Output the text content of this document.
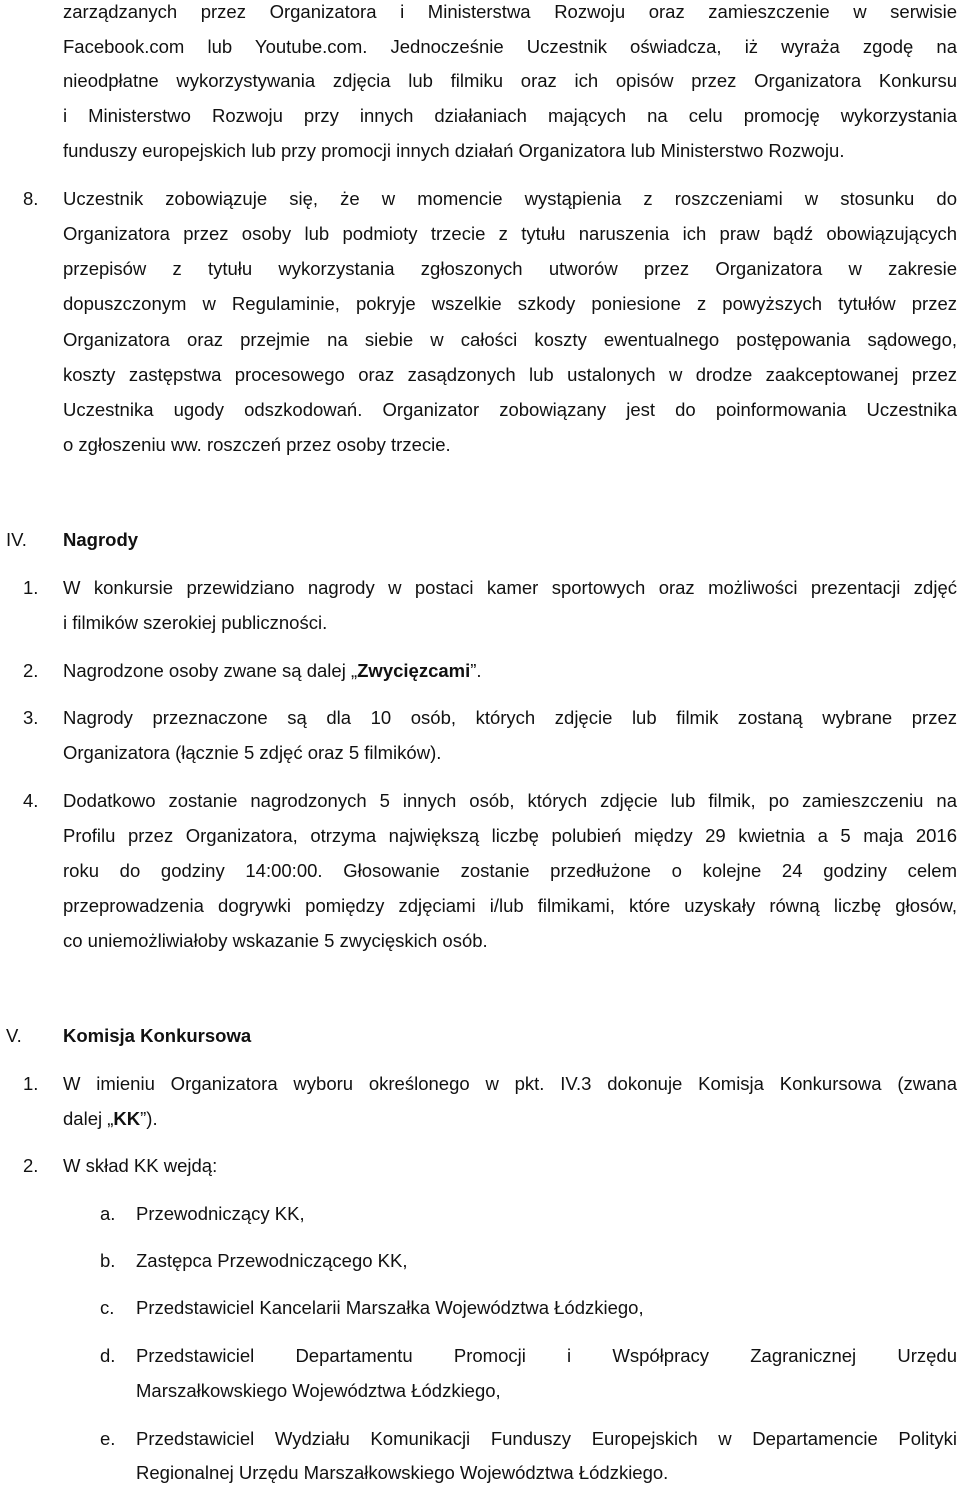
zarządzanych przez Organizatora i Ministerstwa Rozwoju oraz zamieszczenie w serwisie
Facebook.com lub Youtube.com. Jednocześnie Uczestnik oświadcza, iż wyraża zgodę na
nieodpłatne wykorzystywania zdjęcia lub filmiku oraz ich opisów przez Organizatora Konkursu
i Ministerstwo Rozwoju przy innych działaniach mających na celu promocję wykorzystania
funduszy europejskich lub przy promocji innych działań Organizatora lub Ministerstwo Rozwoju.
8.	Uczestnik zobowiązuje się, że w momencie wystąpienia z roszczeniami w stosunku do
Organizatora przez osoby lub podmioty trzecie z tytułu naruszenia ich praw bądź obowiązujących
przepisów z tytułu wykorzystania zgłoszonych utworów przez Organizatora w zakresie
dopuszczonym w Regulaminie, pokryje wszelkie szkody poniesione z powyższych tytułów przez
Organizatora oraz przejmie na siebie w całości koszty ewentualnego postępowania sądowego,
koszty zastępstwa procesowego oraz zasądzonych lub ustalonych w drodze zaakceptowanej przez
Uczestnika ugody odszkodowań. Organizator zobowiązany jest do poinformowania Uczestnika
o zgłoszeniu ww. roszczeń przez osoby trzecie.
IV. Nagrody
1.	W konkursie przewidziano nagrody w postaci kamer sportowych oraz możliwości prezentacji zdjęć
i filmików szerokiej publiczności.
2.	Nagrodzone osoby zwane są dalej „Zwycięzcami”.
3.	Nagrody przeznaczone są dla 10 osób, których zdjęcie lub filmik zostaną wybrane przez
Organizatora (łącznie 5 zdjęć oraz 5 filmików).
4.	Dodatkowo zostanie nagrodzonych 5 innych osób, których zdjęcie lub filmik, po zamieszczeniu na
Profilu przez Organizatora, otrzyma największą liczbę polubień między 29 kwietnia a 5 maja 2016
roku do godziny 14:00:00. Głosowanie zostanie przedłużone o kolejne 24 godziny celem
przeprowadzenia dogrywki pomiędzy zdjęciami i/lub filmikami, które uzyskały równą liczbę głosów,
co uniemożliwiałoby wskazanie 5 zwycięskich osób.
V. Komisja Konkursowa
1.	W imieniu Organizatora wyboru określonego w pkt. IV.3 dokonuje Komisja Konkursowa (zwana
dalej „KK”).
2.	W skład KK wejdą:
a.	Przewodniczący KK,
b.	Zastępca Przewodniczącego KK,
c.	Przedstawiciel Kancelarii Marszałka Województwa Łódzkiego,
d.	Przedstawiciel Departamentu Promocji i Współpracy Zagranicznej Urzędu
Marszałkowskiego Województwa Łódzkiego,
e.	Przedstawiciel Wydziału Komunikacji Funduszy Europejskich w Departamencie Polityki
Regionalnej Urzędu Marszałkowskiego Województwa Łódzkiego.
